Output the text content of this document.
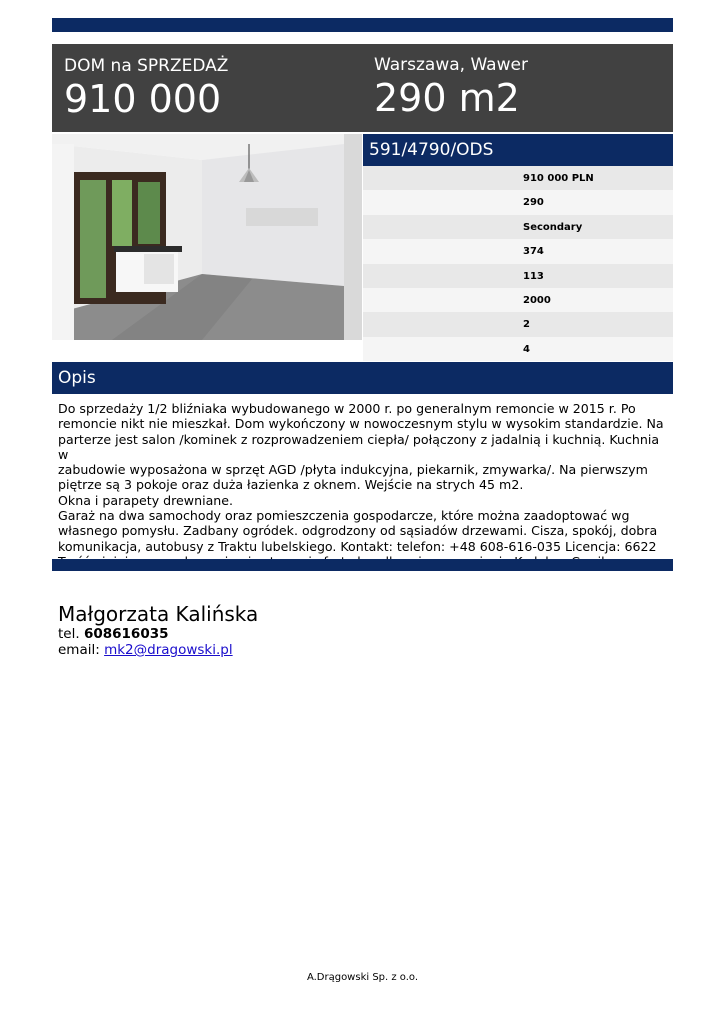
DOM na SPRZEDAŻ
910 000
Warszawa, Wawer
290 m2
591/4790/ODS
910 000 PLN
290
Secondary
374
113
2000
2
4
Opis

Do sprzedaży 1/2 bliźniaka wybudowanego w 2000 r. po generalnym remoncie w 2015 r. Po

remoncie nikt nie mieszkał. Dom wykończony w nowoczesnym stylu w wysokim standardzie. Na

parterze jest salon /kominek z rozprowadzeniem ciepła/ połączony z jadalnią i kuchnią. Kuchnia w

zabudowie wyposażona w sprzęt AGD /płyta indukcyjna, piekarnik, zmywarka/. Na pierwszym

piętrze są 3 pokoje oraz duża łazienka z oknem. Wejście na strych 45 m2.

Okna i parapety drewniane.

Garaż na dwa samochody oraz pomieszczenia gospodarcze, które można zaadoptować wg

własnego pomysłu. Zadbany ogródek. odgrodzony od sąsiadów drzewami. Cisza, spokój, dobra

komunikacja, autobusy z Traktu lubelskiego. Kontakt: telefon: +48 608-616-035 Licencja: 6622

Małgorzata Kalińska
tel. 608616035
email: mk2@dragowski.pl
A.Drągowski Sp. z o.o.
